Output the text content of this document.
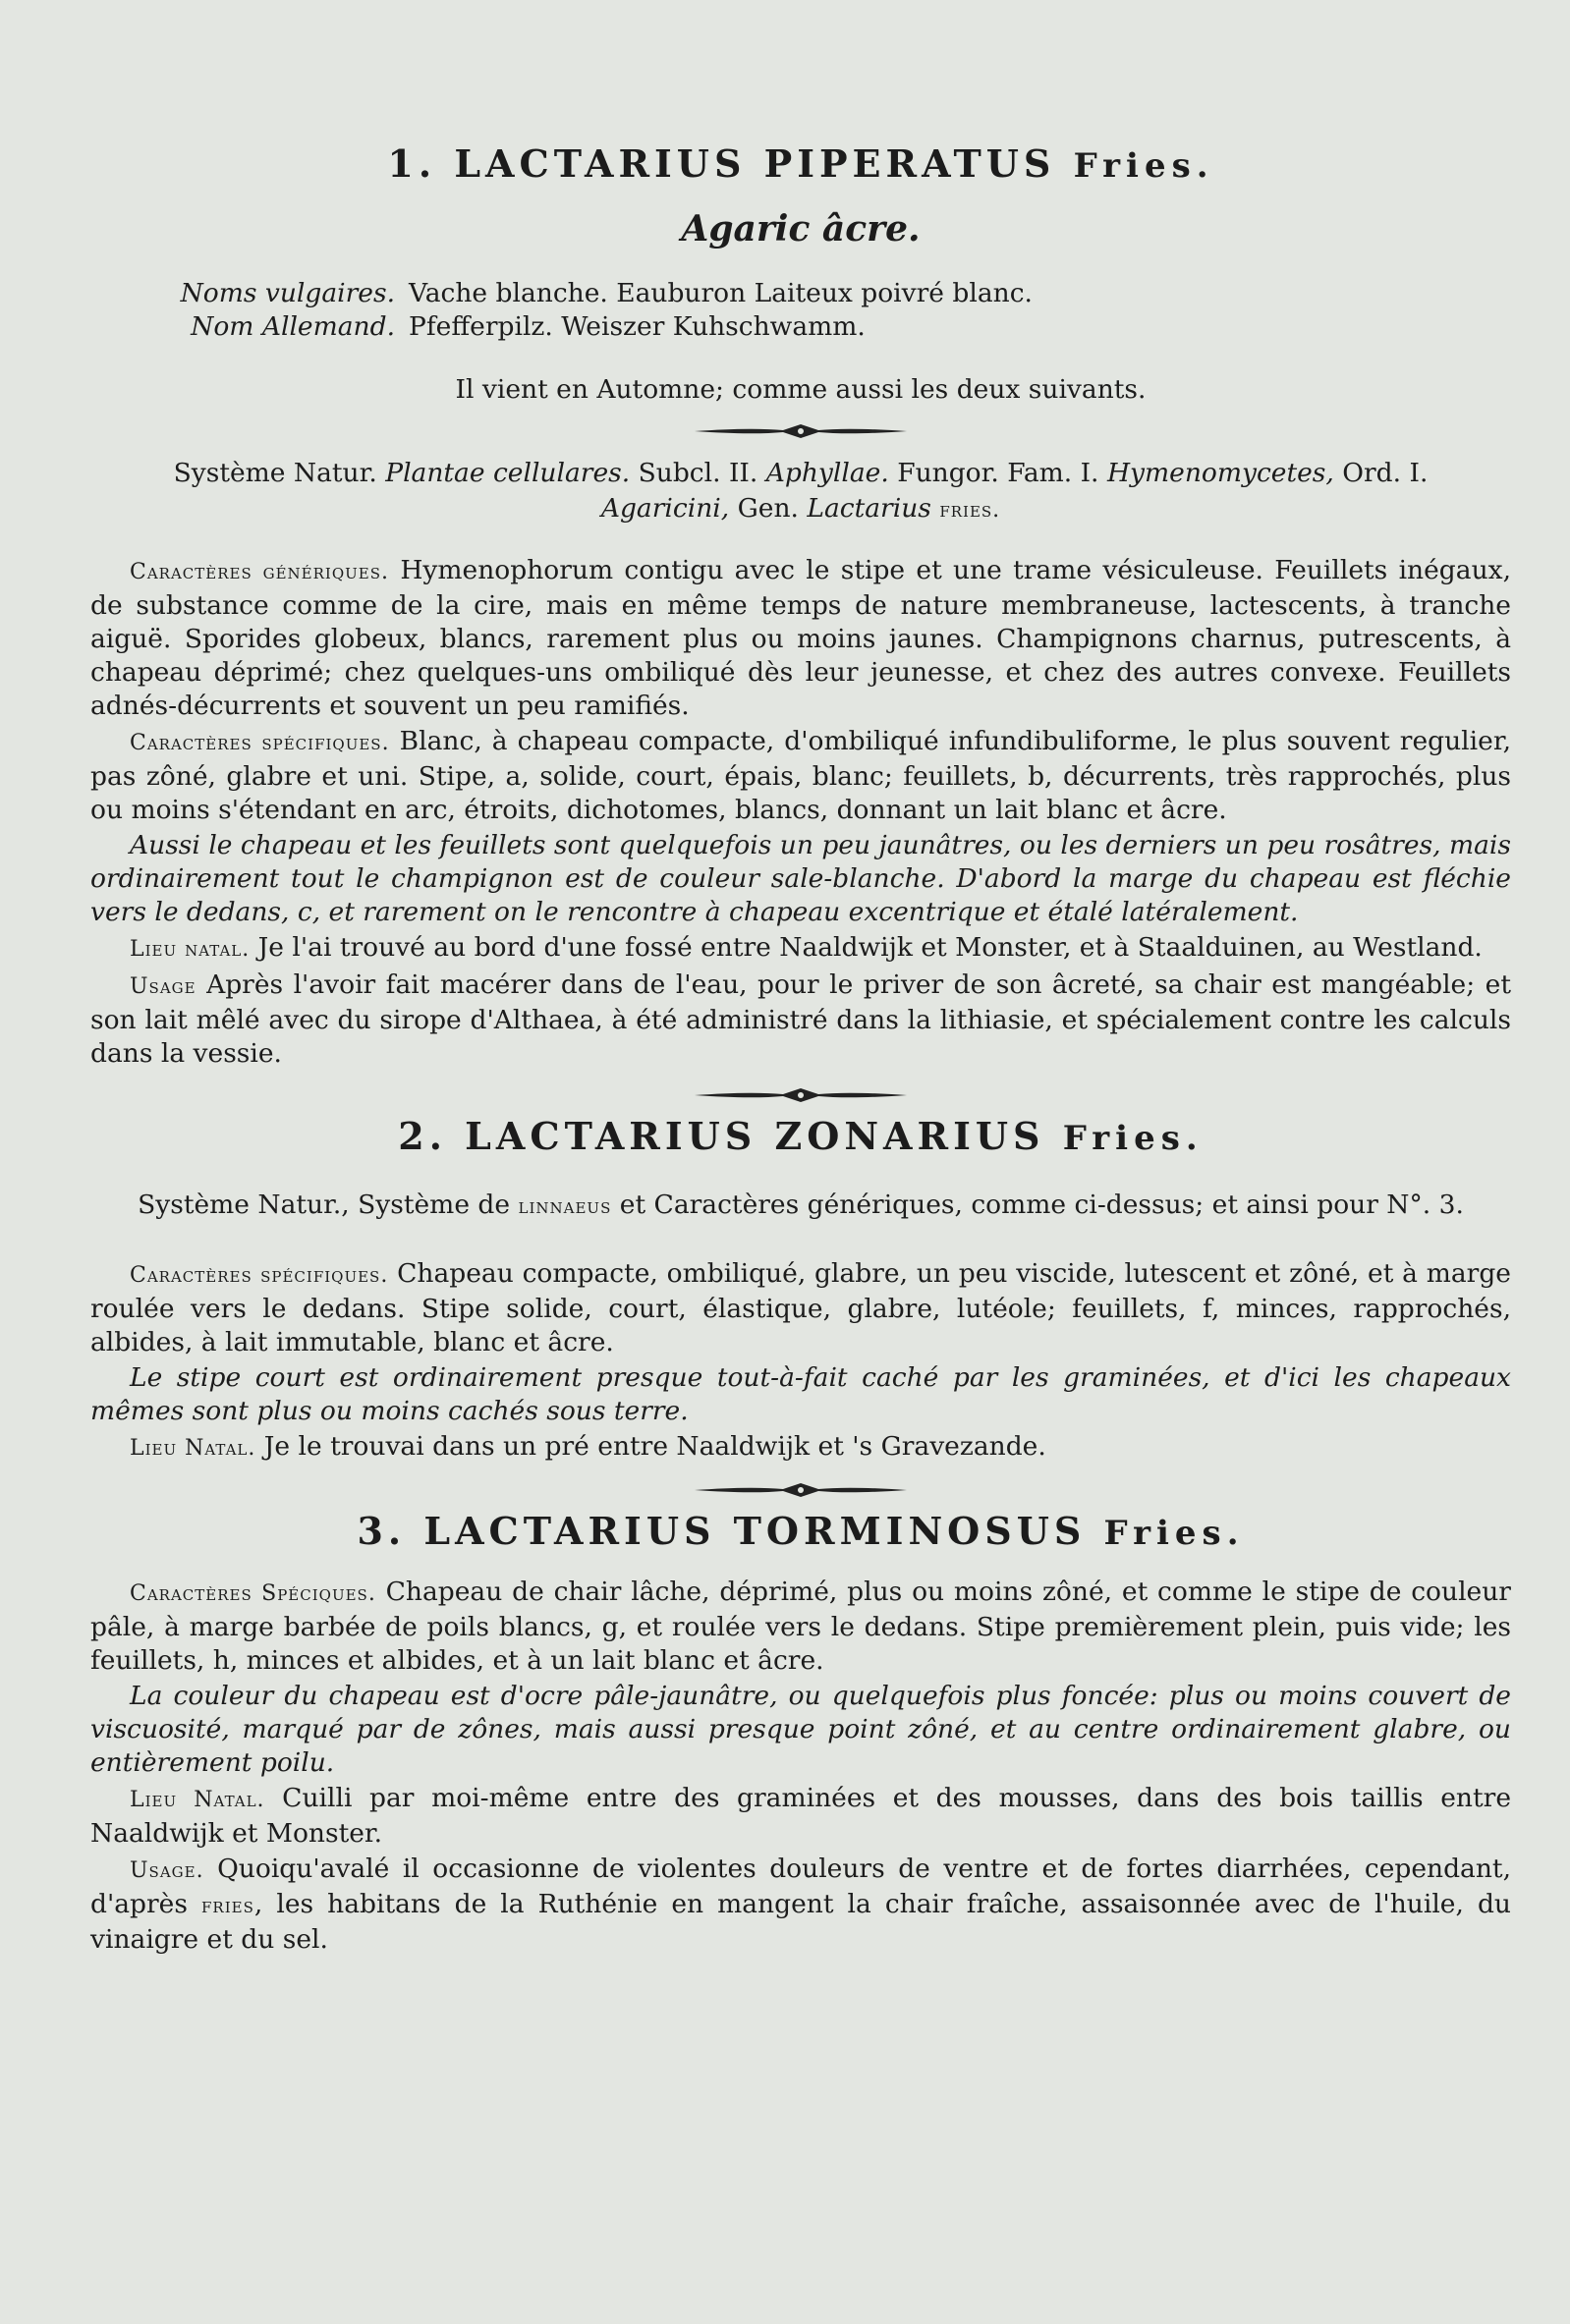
1. LACTARIUS PIPERATUS Fries.
Agaric âcre.
Noms vulgaires. Vache blanche. Eauburon Laiteux poivré blanc.
Nom Allemand. Pfefferpilz. Weiszer Kuhschwamm.
Il vient en Automne; comme aussi les deux suivants.
Système Natur. Plantae cellulares. Subcl. II. Aphyllae. Fungor. Fam. I. Hymenomycetes, Ord. I.
Agaricini, Gen. Lactarius fries.

Caractères génériques. Hymenophorum contigu avec le stipe et une trame vésiculeuse. Feuillets inégaux, de substance comme de la cire, mais en même temps de nature membraneuse, lactescents, à tranche aiguë. Sporides globeux, blancs, rarement plus ou moins jaunes. Champignons charnus, putrescents, à chapeau déprimé; chez quelques-uns ombiliqué dès leur jeunesse, et chez des autres convexe. Feuillets adnés-décurrents et souvent un peu ramifiés.

Caractères spécifiques. Blanc, à chapeau compacte, d'ombiliqué infundibuliforme, le plus souvent regulier, pas zôné, glabre et uni. Stipe, a, solide, court, épais, blanc; feuillets, b, décurrents, très rapprochés, plus ou moins s'étendant en arc, étroits, dichotomes, blancs, donnant un lait blanc et âcre.

Aussi le chapeau et les feuillets sont quelquefois un peu jaunâtres, ou les derniers un peu rosâtres, mais ordinairement tout le champignon est de couleur sale-blanche. D'abord la marge du chapeau est fléchie vers le dedans, c, et rarement on le rencontre à chapeau excentrique et étalé latéralement.

Lieu natal. Je l'ai trouvé au bord d'une fossé entre Naaldwijk et Monster, et à Staalduinen, au Westland.

Usage Après l'avoir fait macérer dans de l'eau, pour le priver de son âcreté, sa chair est mangéable; et son lait mêlé avec du sirope d'Althaea, à été administré dans la lithiasie, et spécialement contre les calculs dans la vessie.

2. LACTARIUS ZONARIUS Fries.
Système Natur., Système de linnaeus et Caractères génériques, comme ci-dessus; et ainsi pour N°. 3.

Caractères spécifiques. Chapeau compacte, ombiliqué, glabre, un peu viscide, lutescent et zôné, et à marge roulée vers le dedans. Stipe solide, court, élastique, glabre, lutéole; feuillets, f, minces, rapprochés, albides, à lait immutable, blanc et âcre.

Le stipe court est ordinairement presque tout-à-fait caché par les graminées, et d'ici les chapeaux mêmes sont plus ou moins cachés sous terre.

Lieu Natal. Je le trouvai dans un pré entre Naaldwijk et 's Gravezande.

3. LACTARIUS TORMINOSUS Fries.

Caractères Spéciques. Chapeau de chair lâche, déprimé, plus ou moins zôné, et comme le stipe de couleur pâle, à marge barbée de poils blancs, g, et roulée vers le dedans. Stipe premièrement plein, puis vide; les feuillets, h, minces et albides, et à un lait blanc et âcre.

La couleur du chapeau est d'ocre pâle-jaunâtre, ou quelquefois plus foncée: plus ou moins couvert de viscuosité, marqué par de zônes, mais aussi presque point zôné, et au centre ordinairement glabre, ou entièrement poilu.

Lieu Natal. Cuilli par moi-même entre des graminées et des mousses, dans des bois taillis entre Naaldwijk et Monster.

Usage. Quoiqu'avalé il occasionne de violentes douleurs de ventre et de fortes diarrhées, cependant, d'après fries, les habitans de la Ruthénie en mangent la chair fraîche, assaisonnée avec de l'huile, du vinaigre et du sel.
